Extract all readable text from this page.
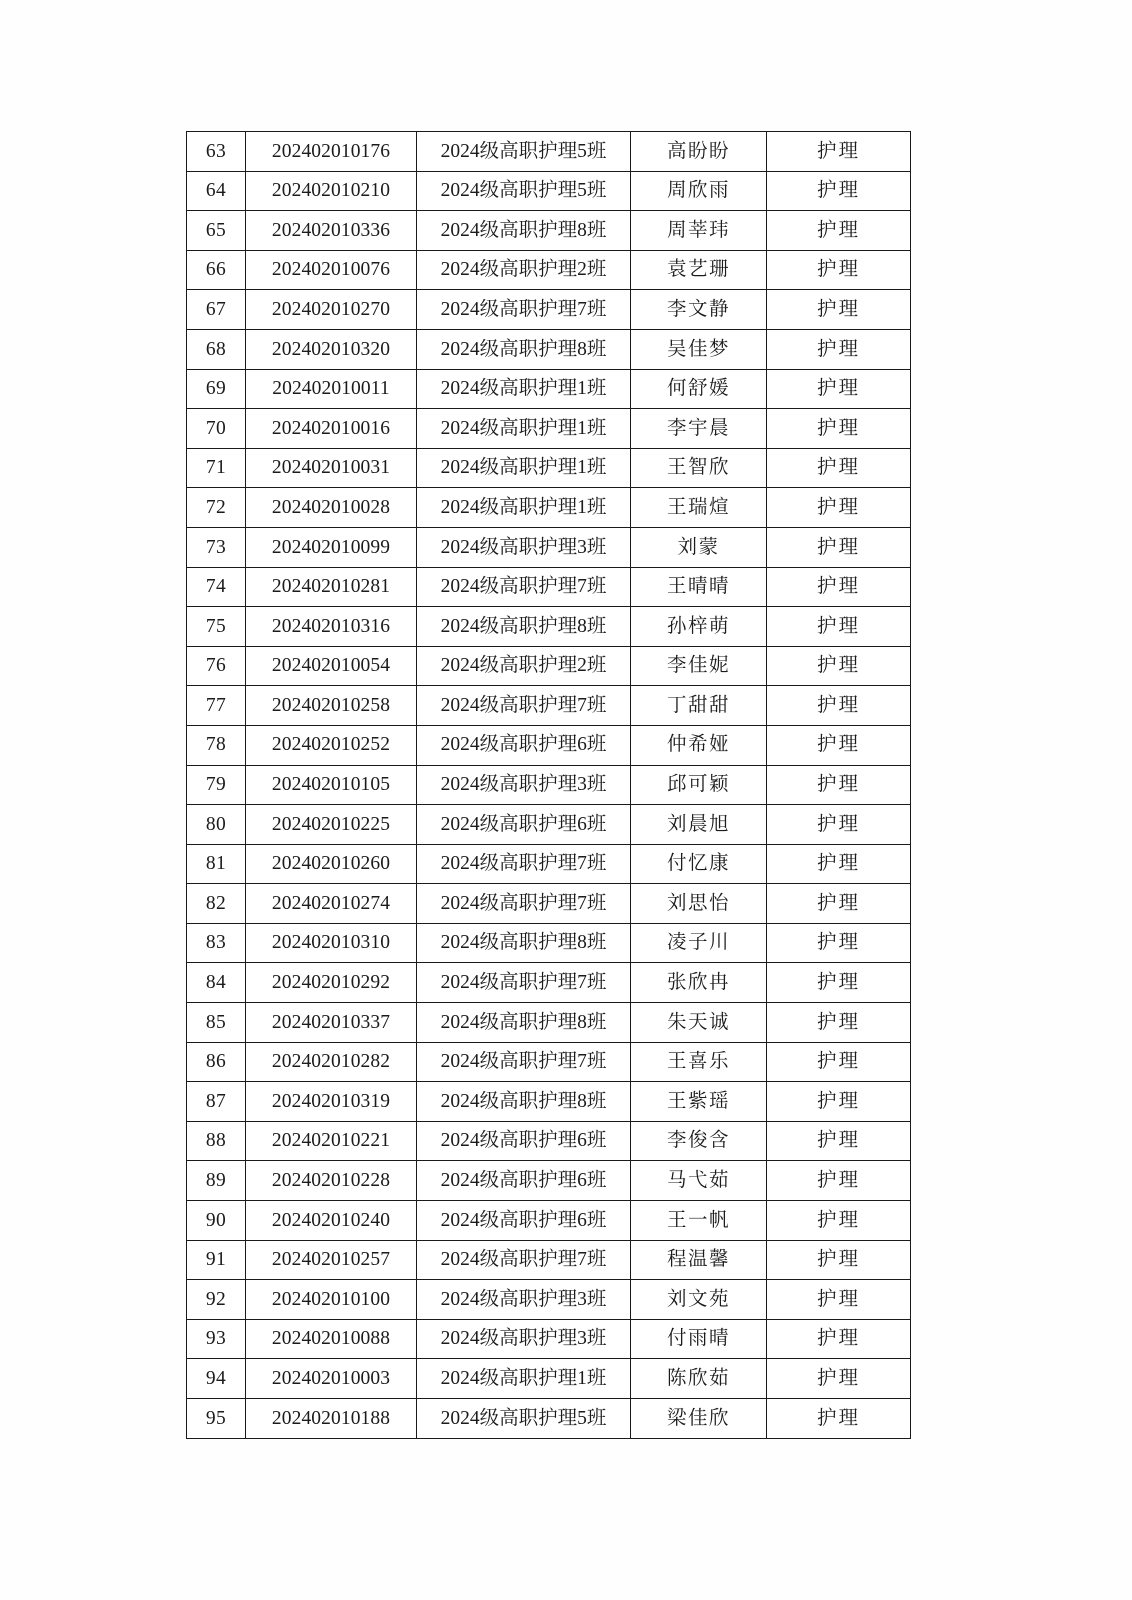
63	202402010176	2024级高职护理5班	高盼盼	护理
64	202402010210	2024级高职护理5班	周欣雨	护理
65	202402010336	2024级高职护理8班	周莘玮	护理
66	202402010076	2024级高职护理2班	袁艺珊	护理
67	202402010270	2024级高职护理7班	李文静	护理
68	202402010320	2024级高职护理8班	吴佳梦	护理
69	202402010011	2024级高职护理1班	何舒媛	护理
70	202402010016	2024级高职护理1班	李宇晨	护理
71	202402010031	2024级高职护理1班	王智欣	护理
72	202402010028	2024级高职护理1班	王瑞煊	护理
73	202402010099	2024级高职护理3班	刘蒙	护理
74	202402010281	2024级高职护理7班	王晴晴	护理
75	202402010316	2024级高职护理8班	孙梓萌	护理
76	202402010054	2024级高职护理2班	李佳妮	护理
77	202402010258	2024级高职护理7班	丁甜甜	护理
78	202402010252	2024级高职护理6班	仲希娅	护理
79	202402010105	2024级高职护理3班	邱可颖	护理
80	202402010225	2024级高职护理6班	刘晨旭	护理
81	202402010260	2024级高职护理7班	付忆康	护理
82	202402010274	2024级高职护理7班	刘思怡	护理
83	202402010310	2024级高职护理8班	凌子川	护理
84	202402010292	2024级高职护理7班	张欣冉	护理
85	202402010337	2024级高职护理8班	朱天诚	护理
86	202402010282	2024级高职护理7班	王喜乐	护理
87	202402010319	2024级高职护理8班	王紫瑶	护理
88	202402010221	2024级高职护理6班	李俊含	护理
89	202402010228	2024级高职护理6班	马弋茹	护理
90	202402010240	2024级高职护理6班	王一帆	护理
91	202402010257	2024级高职护理7班	程温馨	护理
92	202402010100	2024级高职护理3班	刘文苑	护理
93	202402010088	2024级高职护理3班	付雨晴	护理
94	202402010003	2024级高职护理1班	陈欣茹	护理
95	202402010188	2024级高职护理5班	梁佳欣	护理
